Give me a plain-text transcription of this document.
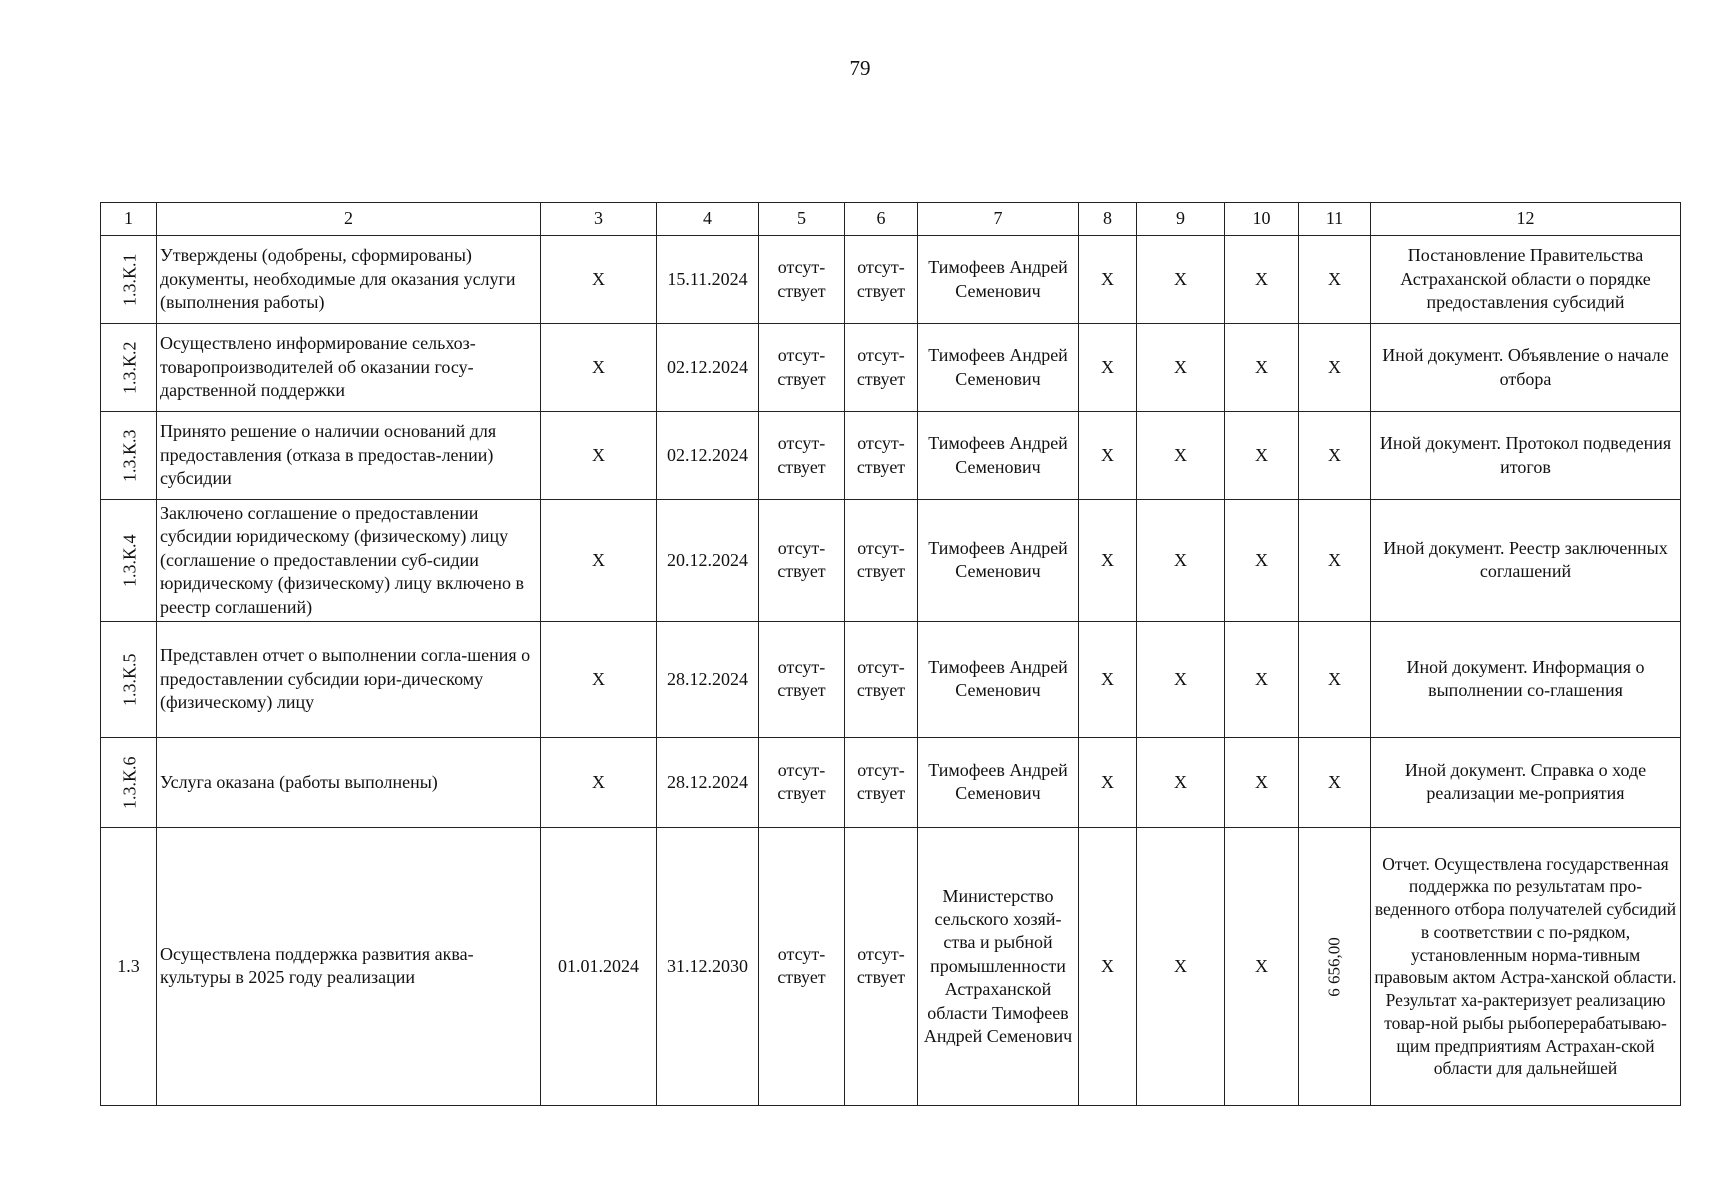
79
1	2	3	4	5	6	7	8	9	10	11	12
1.3.К.1	Утверждены (одобрены, сформированы) документы, необходимые для оказания услуги (выполнения работы)	X	15.11.2024	отсут-ствует	отсут-ствует	Тимофеев Андрей Семенович	X	X	X	X	Постановление Правительства Астраханской области о порядке предоставления субсидий
1.3.К.2	Осуществлено информирование сельхоз-товаропроизводителей об оказании госу-дарственной поддержки	X	02.12.2024	отсут-ствует	отсут-ствует	Тимофеев Андрей Семенович	X	X	X	X	Иной документ. Объявление о начале отбора
1.3.К.3	Принято решение о наличии оснований для предоставления (отказа в предостав-лении) субсидии	X	02.12.2024	отсут-ствует	отсут-ствует	Тимофеев Андрей Семенович	X	X	X	X	Иной документ. Протокол подведения итогов
1.3.К.4	Заключено соглашение о предоставлении субсидии юридическому (физическому) лицу (соглашение о предоставлении суб-сидии юридическому (физическому) лицу включено в реестр соглашений)	X	20.12.2024	отсут-ствует	отсут-ствует	Тимофеев Андрей Семенович	X	X	X	X	Иной документ. Реестр заключенных соглашений
1.3.К.5	Представлен отчет о выполнении согла-шения о предоставлении субсидии юри-дическому (физическому) лицу	X	28.12.2024	отсут-ствует	отсут-ствует	Тимофеев Андрей Семенович	X	X	X	X	Иной документ. Информация о выполнении со-глашения
1.3.К.6	Услуга оказана (работы выполнены)	X	28.12.2024	отсут-ствует	отсут-ствует	Тимофеев Андрей Семенович	X	X	X	X	Иной документ. Справка о ходе реализации ме-роприятия
1.3	Осуществлена поддержка развития аква-культуры в 2025 году реализации	01.01.2024	31.12.2030	отсут-ствует	отсут-ствует	Министерство сельского хозяй-ства и рыбной промышленности Астраханской области Тимофеев Андрей Семенович	X	X	X	6 656,00	Отчет. Осуществлена государственная поддержка по результатам про-веденного отбора получателей субсидий в соответствии с по-рядком, установленным норма-тивным правовым актом Астра-ханской области. Результат ха-рактеризует реализацию товар-ной рыбы рыбоперерабатываю-щим предприятиям Астрахан-ской области для дальнейшей
